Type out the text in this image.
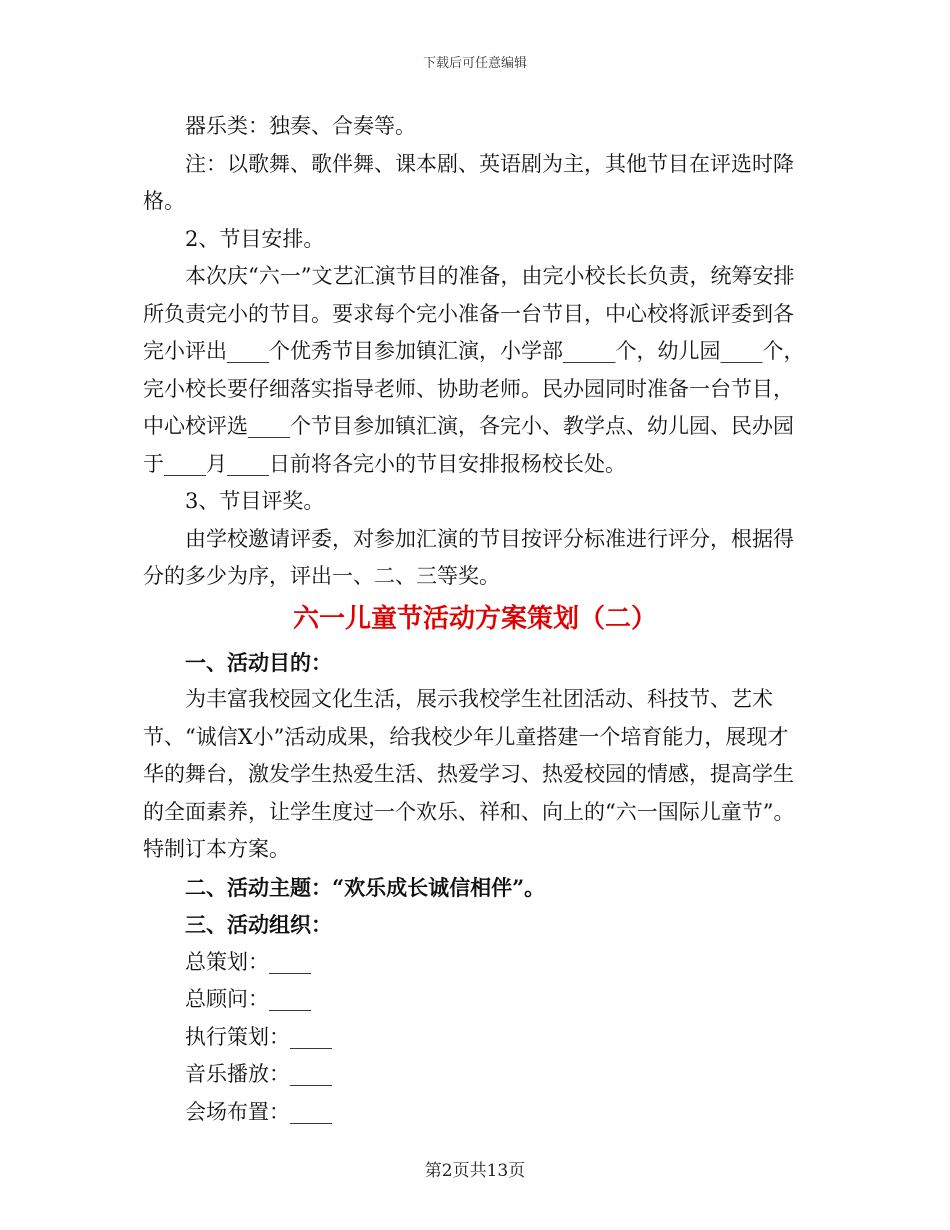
下载后可任意编辑

器乐类：独奏、合奏等。

注：以歌舞、歌伴舞、课本剧、英语剧为主，其他节目在评选时降格。

2、节目安排。

本次庆“六一”文艺汇演节目的准备，由完小校长长负责，统筹安排所负责完小的节目。要求每个完小准备一台节目，中心校将派评委到各完小评出____个优秀节目参加镇汇演，小学部_____个，幼儿园____个，完小校长要仔细落实指导老师、协助老师。民办园同时准备一台节目，中心校评选____个节目参加镇汇演，各完小、教学点、幼儿园、民办园于____月____日前将各完小的节目安排报杨校长处。

3、节目评奖。

由学校邀请评委，对参加汇演的节目按评分标准进行评分，根据得分的多少为序，评出一、二、三等奖。

六一儿童节活动方案策划（二）

一、活动目的：

为丰富我校园文化生活，展示我校学生社团活动、科技节、艺术节、“诚信X小”活动成果，给我校少年儿童搭建一个培育能力，展现才华的舞台，激发学生热爱生活、热爱学习、热爱校园的情感，提高学生的全面素养，让学生度过一个欢乐、祥和、向上的“六一国际儿童节”。特制订本方案。

二、活动主题：“欢乐成长诚信相伴”。

三、活动组织：

总策划：____

总顾问：____

执行策划：____

音乐播放：____

会场布置：____

第2页共13页
